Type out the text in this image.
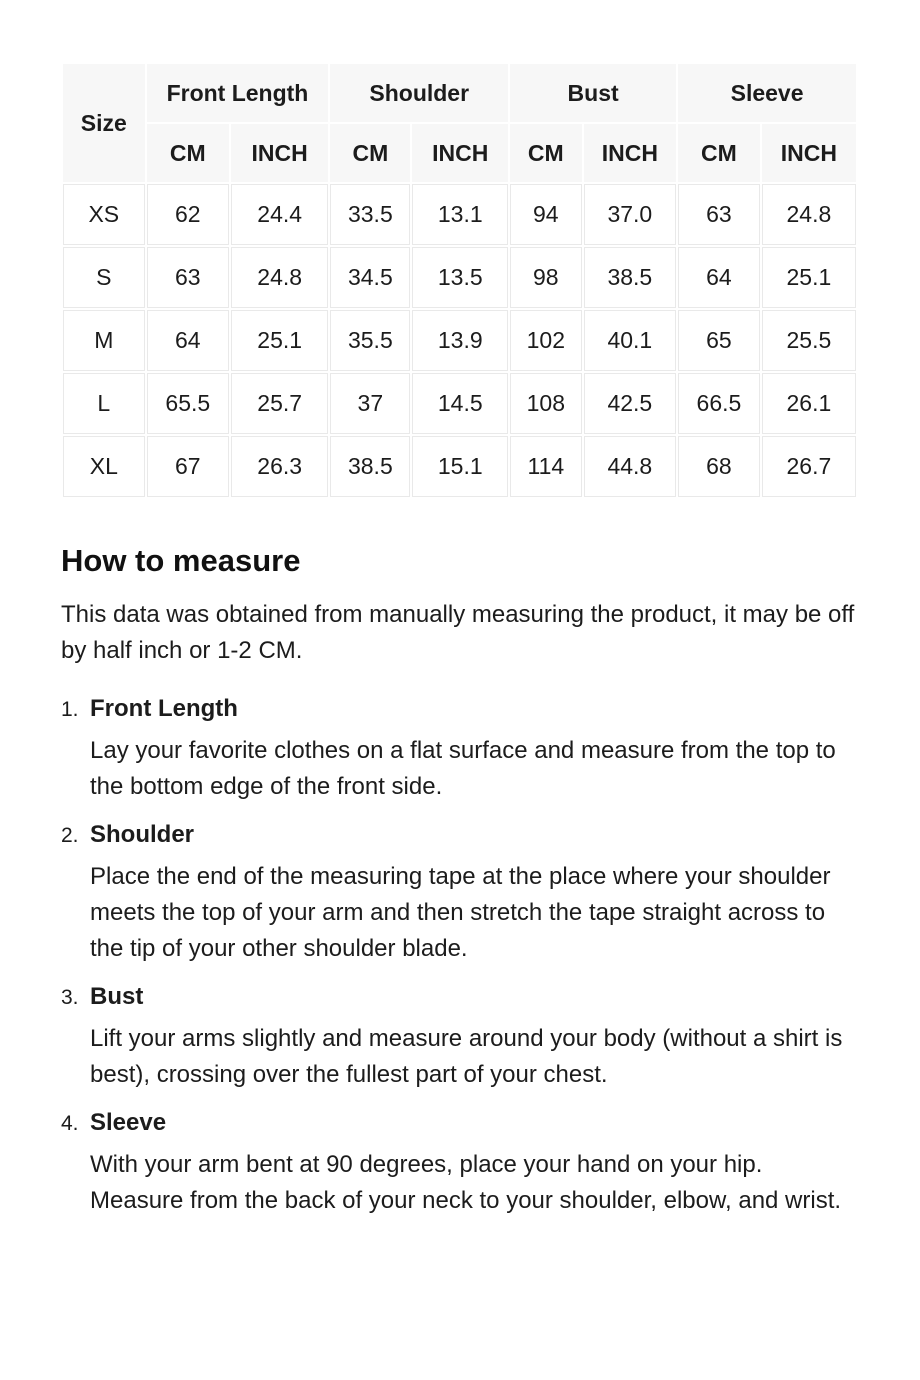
Size	Front Length		Shoulder		Bust		Sleeve	
	CM	INCH	CM	INCH	CM	INCH	CM	INCH
XS	62	24.4	33.5	13.1	94	37.0	63	24.8
S	63	24.8	34.5	13.5	98	38.5	64	25.1
M	64	25.1	35.5	13.9	102	40.1	65	25.5
L	65.5	25.7	37	14.5	108	42.5	66.5	26.1
XL	67	26.3	38.5	15.1	114	44.8	68	26.7
How to measure

This data was obtained from manually measuring the product, it may be off by half inch or 1-2 CM.

1. Front Length

Lay your favorite clothes on a flat surface and measure from the top to the bottom edge of the front side.

2. Shoulder

Place the end of the measuring tape at the place where your shoulder meets the top of your arm and then stretch the tape straight across to the tip of your other shoulder blade.

3. Bust

Lift your arms slightly and measure around your body (without a shirt is best), crossing over the fullest part of your chest.

4. Sleeve

With your arm bent at 90 degrees, place your hand on your hip. Measure from the back of your neck to your shoulder, elbow, and wrist.
